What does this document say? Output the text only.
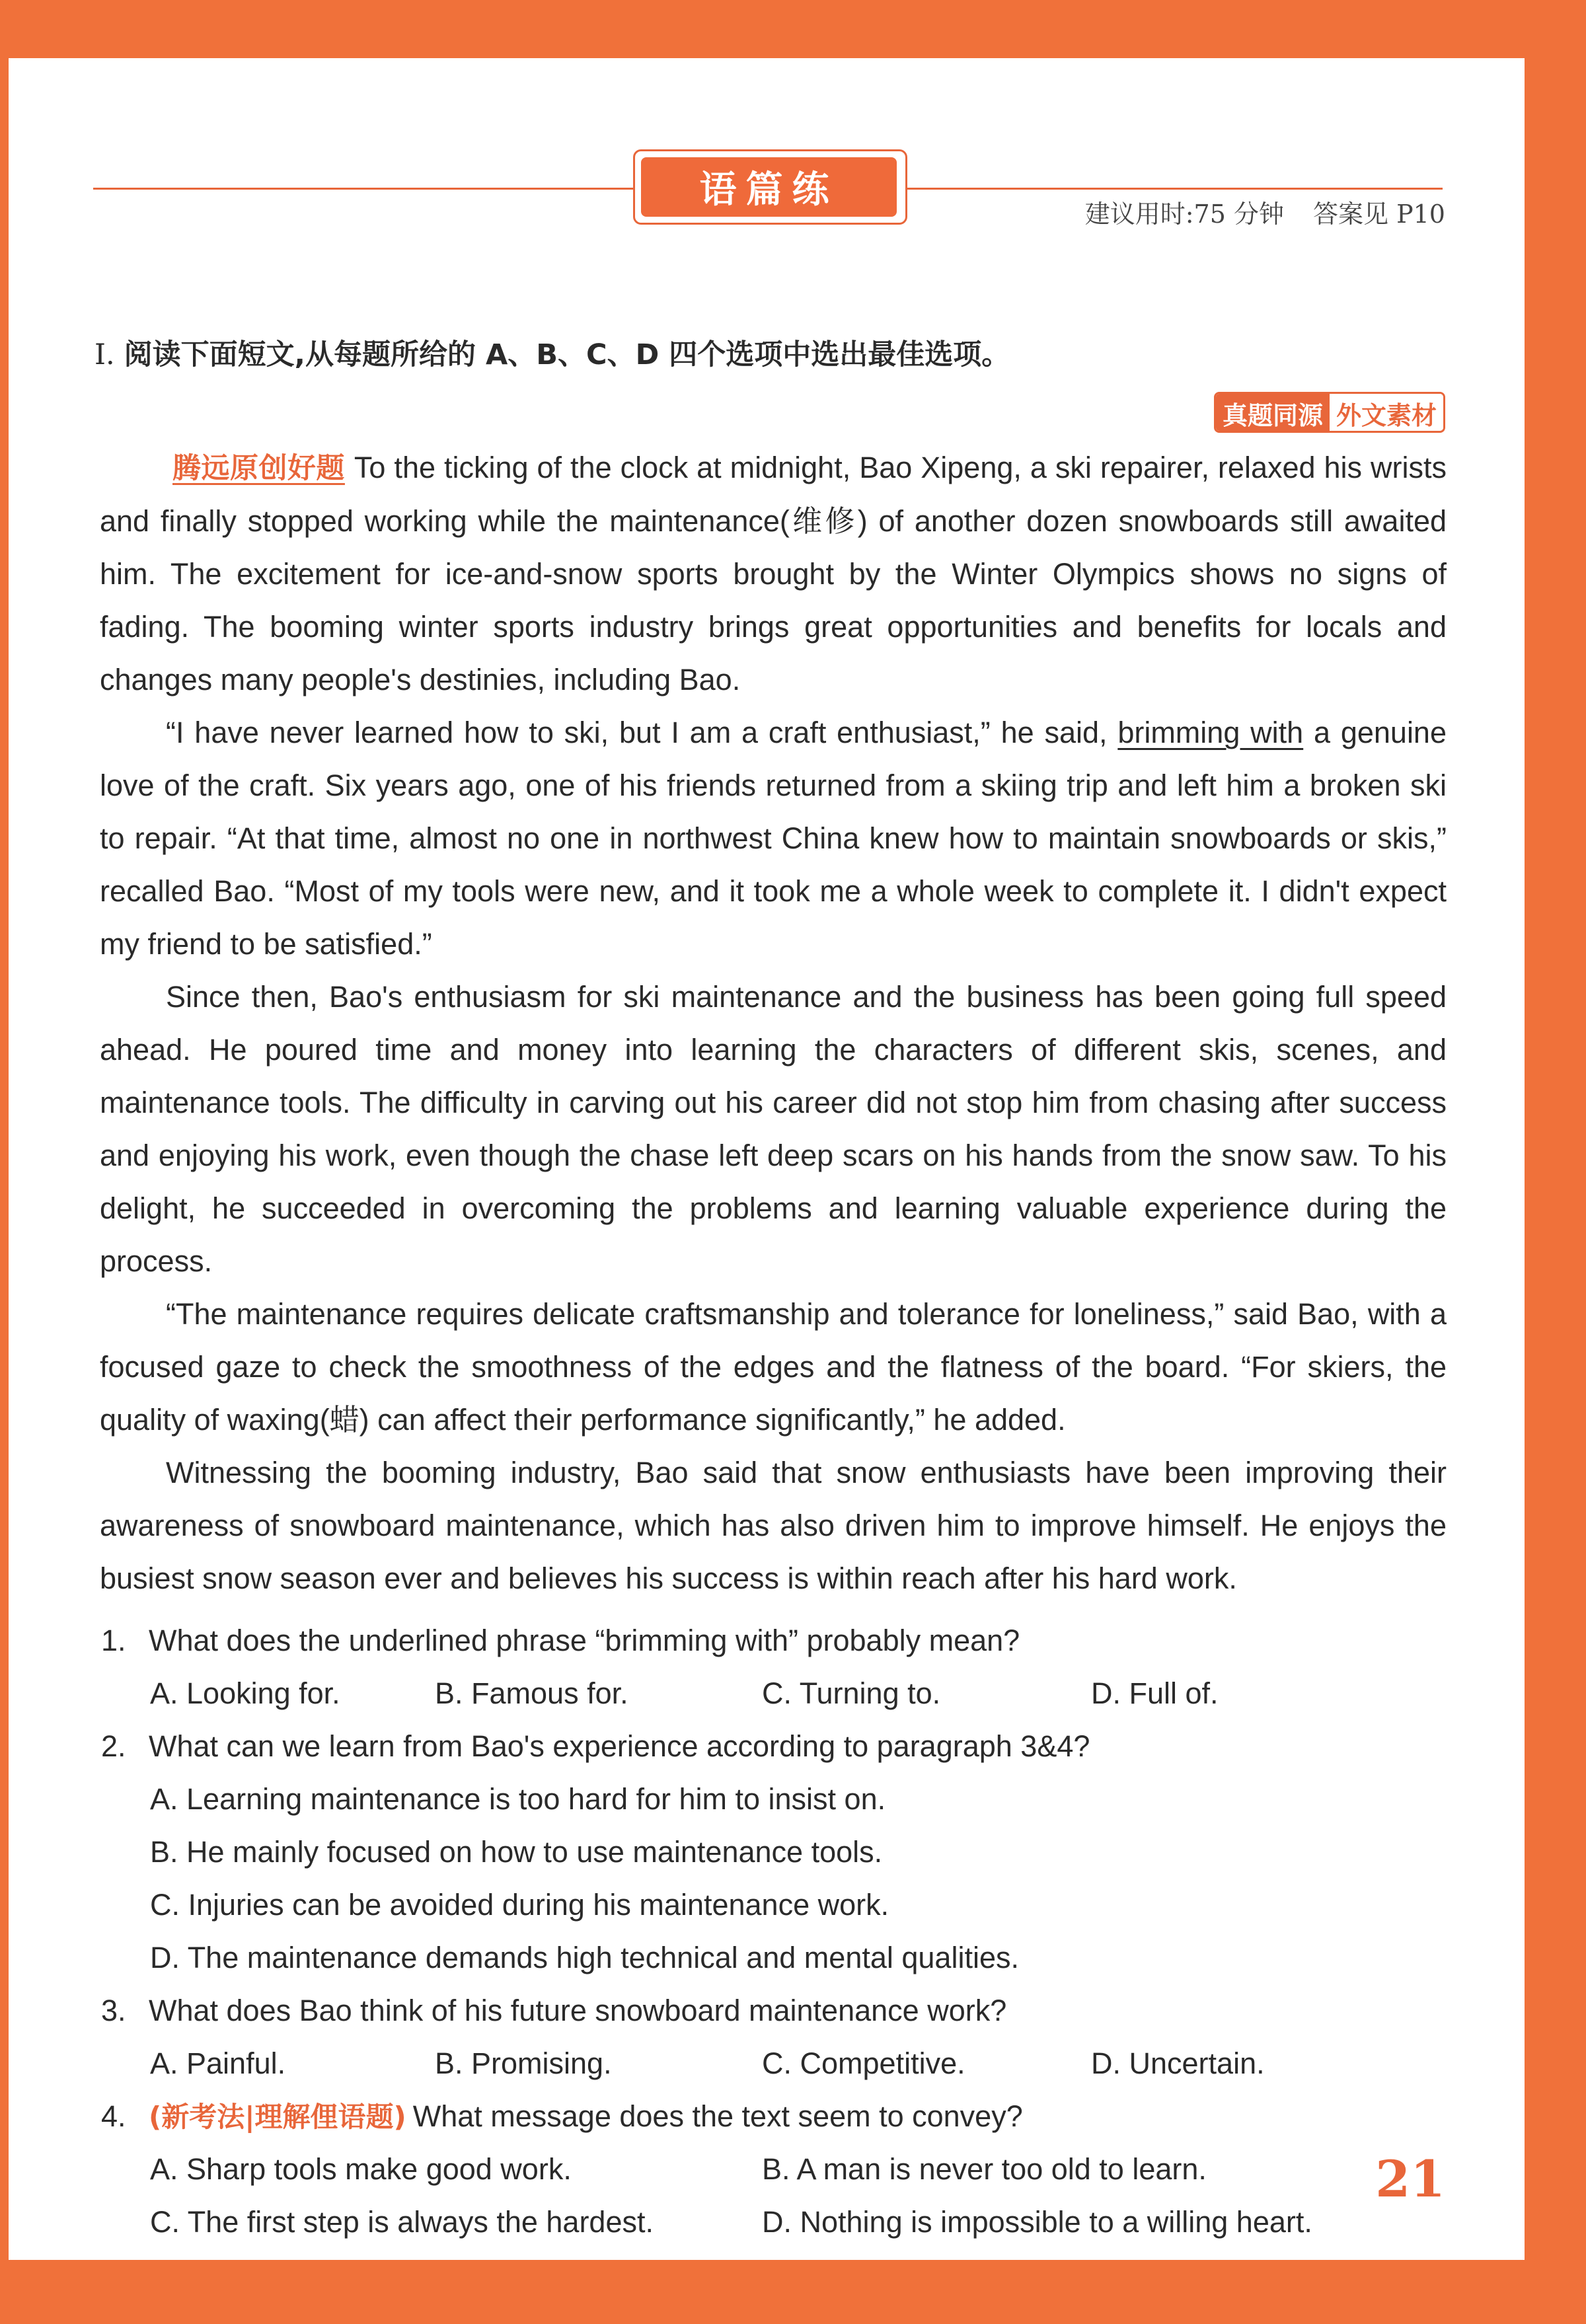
语篇练
建议用时:75 分钟 答案见 P10
Ⅰ. 阅读下面短文,从每题所给的 A、B、C、D 四个选项中选出最佳选项。
真题同源 外文素材

腾远原创好题 To the ticking of the clock at midnight, Bao Xipeng, a ski repairer, relaxed his wrists and finally stopped working while the maintenance(维修) of another dozen snowboards still awaited him. The excitement for ice-and-snow sports brought by the Winter Olympics shows no signs of fading. The booming winter sports industry brings great opportunities and benefits for locals and changes many people's destinies, including Bao.

“I have never learned how to ski, but I am a craft enthusiast,” he said, brimming with a genuine love of the craft. Six years ago, one of his friends returned from a skiing trip and left him a broken ski to repair. “At that time, almost no one in northwest China knew how to maintain snowboards or skis,” recalled Bao. “Most of my tools were new, and it took me a whole week to complete it. I didn't expect my friend to be satisfied.”

Since then, Bao's enthusiasm for ski maintenance and the business has been going full speed ahead. He poured time and money into learning the characters of different skis, scenes, and maintenance tools. The difficulty in carving out his career did not stop him from chasing after success and enjoying his work, even though the chase left deep scars on his hands from the snow saw. To his delight, he succeeded in overcoming the problems and learning valuable experience during the process.

“The maintenance requires delicate craftsmanship and tolerance for loneliness,” said Bao, with a focused gaze to check the smoothness of the edges and the flatness of the board. “For skiers, the quality of waxing(蜡) can affect their performance significantly,” he added.

Witnessing the booming industry, Bao said that snow enthusiasts have been improving their awareness of snowboard maintenance, which has also driven him to improve himself. He enjoys the busiest snow season ever and believes his success is within reach after his hard work.

1. What does the underlined phrase “brimming with” probably mean?
A. Looking for.	B. Famous for.	C. Turning to.	D. Full of.
2. What can we learn from Bao's experience according to paragraph 3&4?
A. Learning maintenance is too hard for him to insist on.
B. He mainly focused on how to use maintenance tools.
C. Injuries can be avoided during his maintenance work.
D. The maintenance demands high technical and mental qualities.
3. What does Bao think of his future snowboard maintenance work?
A. Painful.	B. Promising.	C. Competitive.	D. Uncertain.
4. (新考法|理解俚语题) What message does the text seem to convey?
A. Sharp tools make good work.	B. A man is never too old to learn.
C. The first step is always the hardest.	D. Nothing is impossible to a willing heart.
21
